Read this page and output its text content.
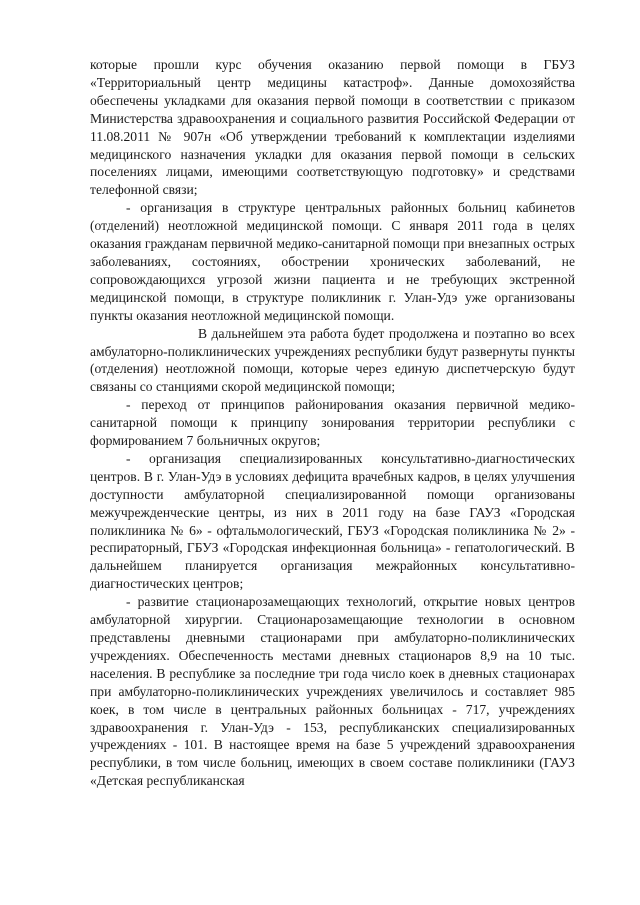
которые прошли курс обучения оказанию первой помощи в ГБУЗ «Территориальный центр медицины катастроф». Данные домохозяйства обеспечены укладками для оказания первой помощи в соответствии с приказом Министерства здравоохранения и социального развития Российской Федерации от 11.08.2011 № 907н «Об утверждении требований к комплектации изделиями медицинского назначения укладки для оказания первой помощи в сельских поселениях лицами, имеющими соответствующую подготовку» и средствами телефонной связи;

- организация в структуре центральных районных больниц кабинетов (отделений) неотложной медицинской помощи. С января 2011 года в целях оказания гражданам первичной медико-санитарной помощи при внезапных острых заболеваниях, состояниях, обострении хронических заболеваний, не сопровождающихся угрозой жизни пациента и не требующих экстренной медицинской помощи, в структуре поликлиник г. Улан-Удэ уже организованы пункты оказания неотложной медицинской помощи.

В дальнейшем эта работа будет продолжена и поэтапно во всех амбулаторно-поликлинических учреждениях республики будут развернуты пункты (отделения) неотложной помощи, которые через единую диспетчерскую будут связаны со станциями скорой медицинской помощи;

- переход от принципов районирования оказания первичной медико-санитарной помощи к принципу зонирования территории республики с формированием 7 больничных округов;

- организация специализированных консультативно-диагностических центров. В г. Улан-Удэ в условиях дефицита врачебных кадров, в целях улучшения доступности амбулаторной специализированной помощи организованы межучрежденческие центры, из них в 2011 году на базе ГАУЗ «Городская поликлиника № 6» - офтальмологический, ГБУЗ «Городская поликлиника № 2» - респираторный, ГБУЗ «Городская инфекционная больница» - гепатологический. В дальнейшем планируется организация межрайонных консультативно-диагностических центров;

- развитие стационарозамещающих технологий, открытие новых центров амбулаторной хирургии. Стационарозамещающие технологии в основном представлены дневными стационарами при амбулаторно-поликлинических учреждениях. Обеспеченность местами дневных стационаров 8,9 на 10 тыс. населения. В республике за последние три года число коек в дневных стационарах при амбулаторно-поликлинических учреждениях увеличилось и составляет 985 коек, в том числе в центральных районных больницах - 717, учреждениях здравоохранения г. Улан-Удэ - 153, республиканских специализированных учреждениях - 101. В настоящее время на базе 5 учреждений здравоохранения республики, в том числе больниц, имеющих в своем составе поликлиники (ГАУЗ «Детская республиканская
